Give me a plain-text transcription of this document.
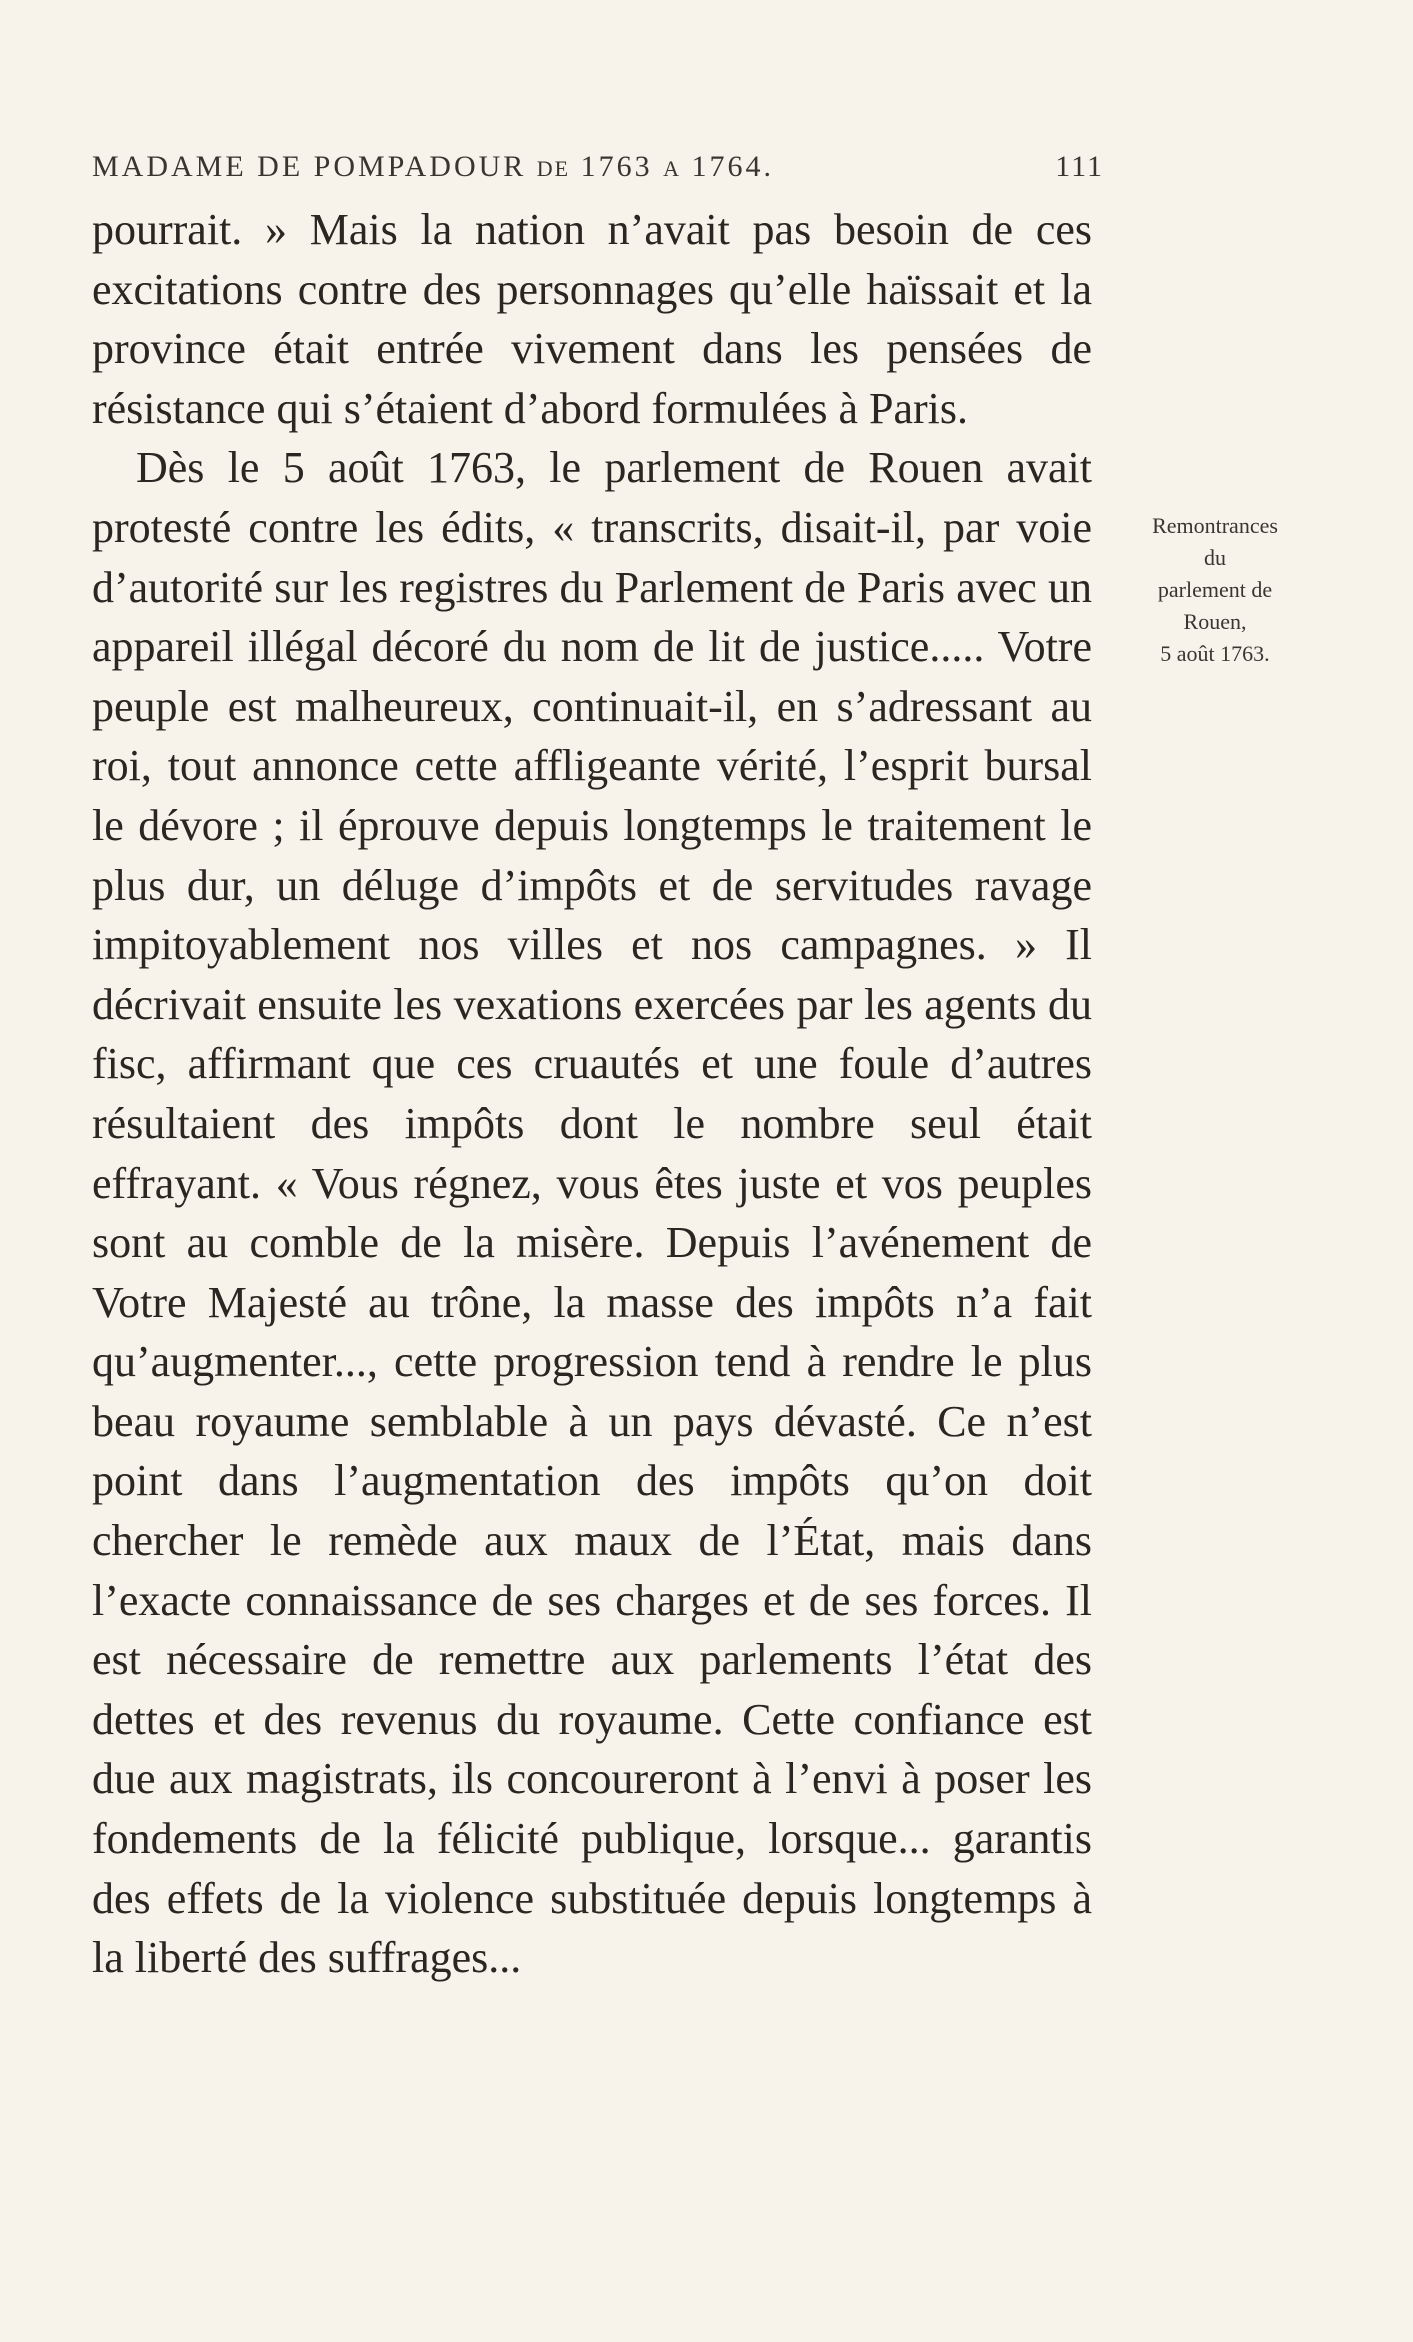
MADAME DE POMPADOUR DE 1763 A 1764.	111

pourrait. » Mais la nation n’avait pas besoin de ces excitations contre des personnages qu’elle haïssait et la province était entrée vivement dans les pensées de résistance qui s’étaient d’abord formulées à Paris.

Dès le 5 août 1763, le parlement de Rouen avait protesté contre les édits, « transcrits, disait-il, par voie d’autorité sur les registres du Parlement de Paris avec un appareil illégal décoré du nom de lit de justice..... Votre peuple est malheureux, continuait-il, en s’adressant au roi, tout annonce cette affligeante vérité, l’esprit bursal le dévore ; il éprouve depuis longtemps le traitement le plus dur, un déluge d’impôts et de servitudes ravage impitoyablement nos villes et nos campagnes. » Il décrivait ensuite les vexations exercées par les agents du fisc, affirmant que ces cruautés et une foule d’autres résultaient des impôts dont le nombre seul était effrayant. « Vous régnez, vous êtes juste et vos peuples sont au comble de la misère. Depuis l’avénement de Votre Majesté au trône, la masse des impôts n’a fait qu’augmenter..., cette progression tend à rendre le plus beau royaume semblable à un pays dévasté. Ce n’est point dans l’augmentation des impôts qu’on doit chercher le remède aux maux de l’État, mais dans l’exacte connaissance de ses charges et de ses forces. Il est nécessaire de remettre aux parlements l’état des dettes et des revenus du royaume. Cette confiance est due aux magistrats, ils concoureront à l’envi à poser les fondements de la félicité publique, lorsque... garantis des effets de la violence substituée depuis longtemps à la liberté des suffrages...

Remontrances
du
parlement de
Rouen,
5 août 1763.
